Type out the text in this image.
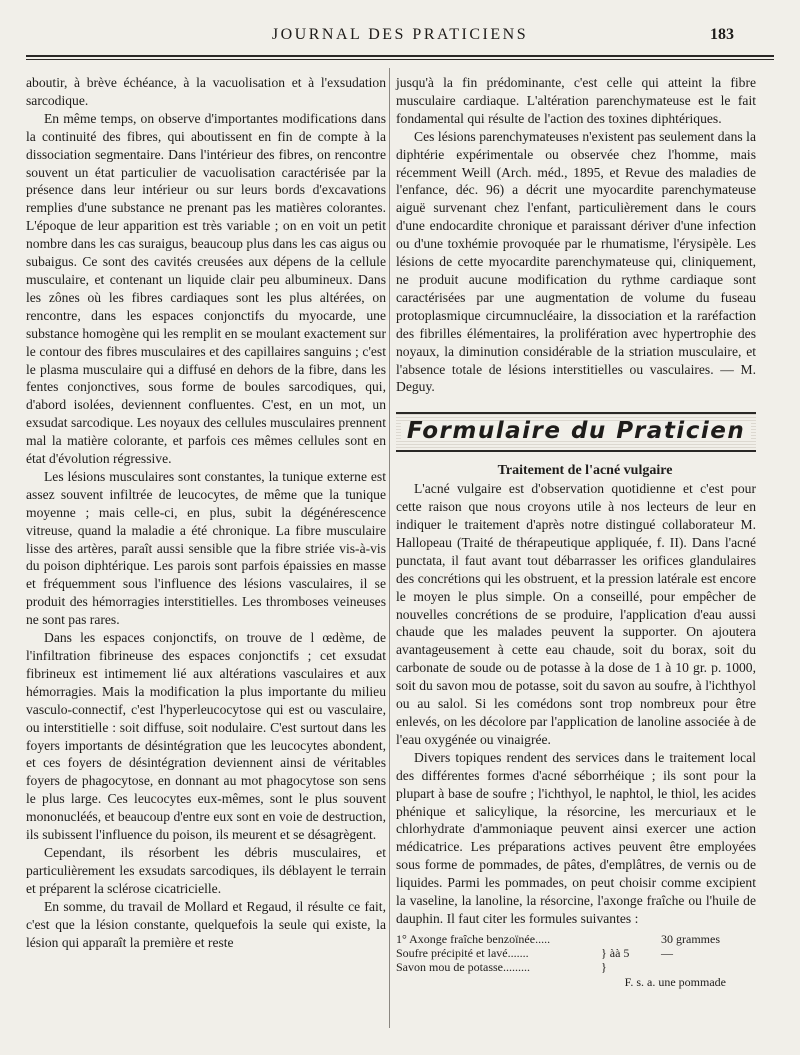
JOURNAL DES PRATICIENS	183

aboutir, à brève échéance, à la vacuolisation et à l'exsudation sarcodique.

En même temps, on observe d'importantes modifications dans la continuité des fibres, qui aboutissent en fin de compte à la dissociation segmentaire. Dans l'intérieur des fibres, on rencontre souvent un état particulier de vacuolisation caractérisée par la présence dans leur intérieur ou sur leurs bords d'excavations remplies d'une substance ne prenant pas les matières colorantes. L'époque de leur apparition est très variable ; on en voit un petit nombre dans les cas suraigus, beaucoup plus dans les cas aigus ou subaigus. Ce sont des cavités creusées aux dépens de la cellule musculaire, et contenant un liquide clair peu albumineux. Dans les zônes où les fibres cardiaques sont les plus altérées, on rencontre, dans les espaces conjonctifs du myocarde, une substance homogène qui les remplit en se moulant exactement sur le contour des fibres musculaires et des capillaires sanguins ; c'est le plasma musculaire qui a diffusé en dehors de la fibre, dans les fentes conjonctives, sous forme de boules sarcodiques, qui, d'abord isolées, deviennent confluentes. C'est, en un mot, un exsudat sarcodique. Les noyaux des cellules musculaires prennent mal la matière colorante, et parfois ces mêmes cellules sont en état d'évolution régressive.

Les lésions musculaires sont constantes, la tunique externe est assez souvent infiltrée de leucocytes, de même que la tunique moyenne ; mais celle-ci, en plus, subit la dégénérescence vitreuse, quand la maladie a été chronique. La fibre musculaire lisse des artères, paraît aussi sensible que la fibre striée vis-à-vis du poison diphtérique. Les parois sont parfois épaissies en masse et fréquemment sous l'influence des lésions vasculaires, il se produit des hémorragies interstitielles. Les thromboses veineuses ne sont pas rares.

Dans les espaces conjonctifs, on trouve de l œdème, de l'infiltration fibrineuse des espaces conjonctifs ; cet exsudat fibrineux est intimement lié aux altérations vasculaires et aux hémorragies. Mais la modification la plus importante du milieu vasculo-connectif, c'est l'hyperleucocytose qui est ou vasculaire, ou interstitielle : soit diffuse, soit nodulaire. C'est surtout dans les foyers importants de désintégration que les leucocytes abondent, et ces foyers de désintégration deviennent ainsi de véritables foyers de phagocytose, en donnant au mot phagocytose son sens le plus large. Ces leucocytes eux-mêmes, sont le plus souvent mononucléés, et beaucoup d'entre eux sont en voie de destruction, ils subissent l'influence du poison, ils meurent et se désagrègent.

Cependant, ils résorbent les débris musculaires, et particulièrement les exsudats sarcodiques, ils déblayent le terrain et préparent la sclérose cicatricielle.

En somme, du travail de Mollard et Regaud, il résulte ce fait, c'est que la lésion constante, quelquefois la seule qui existe, la lésion qui apparaît la première et reste

jusqu'à la fin prédominante, c'est celle qui atteint la fibre musculaire cardiaque. L'altération parenchymateuse est le fait fondamental qui résulte de l'action des toxines diphtériques.

Ces lésions parenchymateuses n'existent pas seulement dans la diphtérie expérimentale ou observée chez l'homme, mais récemment Weill (Arch. méd., 1895, et Revue des maladies de l'enfance, déc. 96) a décrit une myocardite parenchymateuse aiguë survenant chez l'enfant, particulièrement dans le cours d'une endocardite chronique et paraissant dériver d'une infection ou d'une toxhémie provoquée par le rhumatisme, l'érysipèle. Les lésions de cette myocardite parenchymateuse qui, cliniquement, ne produit aucune modification du rythme cardiaque sont caractérisées par une augmentation de volume du fuseau protoplasmique circumnucléaire, la dissociation et la raréfaction des fibrilles élémentaires, la prolifération avec hypertrophie des noyaux, la diminution considérable de la striation musculaire, et l'absence totale de lésions interstitielles ou vasculaires. — M. Deguy.

Formulaire du Praticien

Traitement de l'acné vulgaire

L'acné vulgaire est d'observation quotidienne et c'est pour cette raison que nous croyons utile à nos lecteurs de leur en indiquer le traitement d'après notre distingué collaborateur M. Hallopeau (Traité de thérapeutique appliquée, f. II). Dans l'acné punctata, il faut avant tout débarrasser les orifices glandulaires des concrétions qui les obstruent, et la pression latérale est encore le moyen le plus simple. On a conseillé, pour empêcher de nouvelles concrétions de se produire, l'application d'eau aussi chaude que les malades peuvent la supporter. On ajoutera avantageusement à cette eau chaude, soit du borax, soit du carbonate de soude ou de potasse à la dose de 1 à 10 gr. p. 1000, soit du savon mou de potasse, soit du savon au soufre, à l'ichthyol ou au salol. Si les comédons sont trop nombreux pour être enlevés, on les décolore par l'application de lanoline associée à de l'eau oxygénée ou vinaigrée.

Divers topiques rendent des services dans le traitement local des différentes formes d'acné séborrhéique ; ils sont pour la plupart à base de soufre ; l'ichthyol, le naphtol, le thiol, les acides phénique et salicylique, la résorcine, les mercuriaux et le chlorhydrate d'ammoniaque peuvent ainsi exercer une action médicatrice. Les préparations actives peuvent être employées sous forme de pommades, de pâtes, d'emplâtres, de vernis ou de liquides. Parmi les pommades, on peut choisir comme excipient la vaseline, la lanoline, la résorcine, l'axonge fraîche ou l'huile de dauphin. Il faut citer les formules suivantes :

1° Axonge fraîche benzoïnée.....	30 grammes
Soufre précipité et lavé.......	} àà 5	—
Savon mou de potasse.........	}

F. s. a. une pommade
